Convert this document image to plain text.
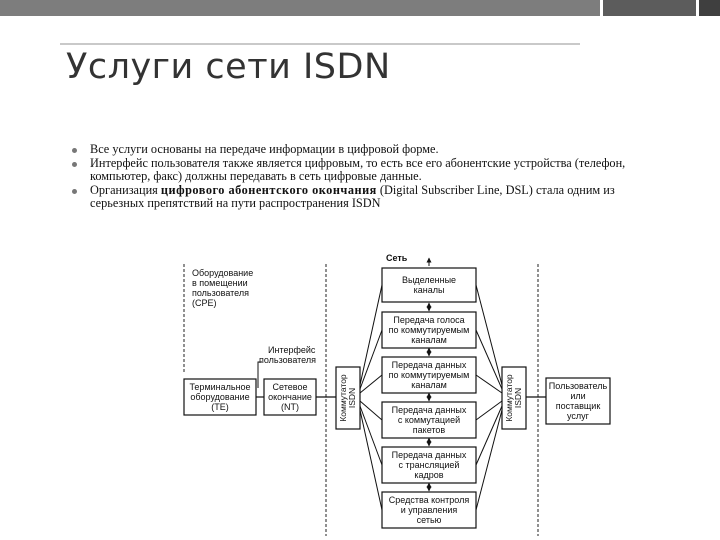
Услуги сети ISDN
Все услуги основаны на передаче информации в цифровой форме.
Интерфейс пользователя также является цифровым, то есть все его абонентские устройства (телефон, компьютер, факс) должны передавать в сеть цифровые данные.
Организация цифрового абонентского окончания (Digital Subscriber Line, DSL) стала одним из серьезных препятствий на пути распространения ISDN
Оборудование в помещении пользователя (CPE)
Интерфейс пользователя
Терминальное оборудование (TE)
Сетевое окончание (NT)	КоммутаторISDN	КоммутаторISDN
Сеть
Выделенные каналы
Передача голоса по коммутируемым каналам
Передача данных по коммутируемым каналам
Передача данных с коммутацией пакетов
Передача данных с трансляцией кадров
Средства контроля и управления сетью
Пользователь или поставщик услуг
